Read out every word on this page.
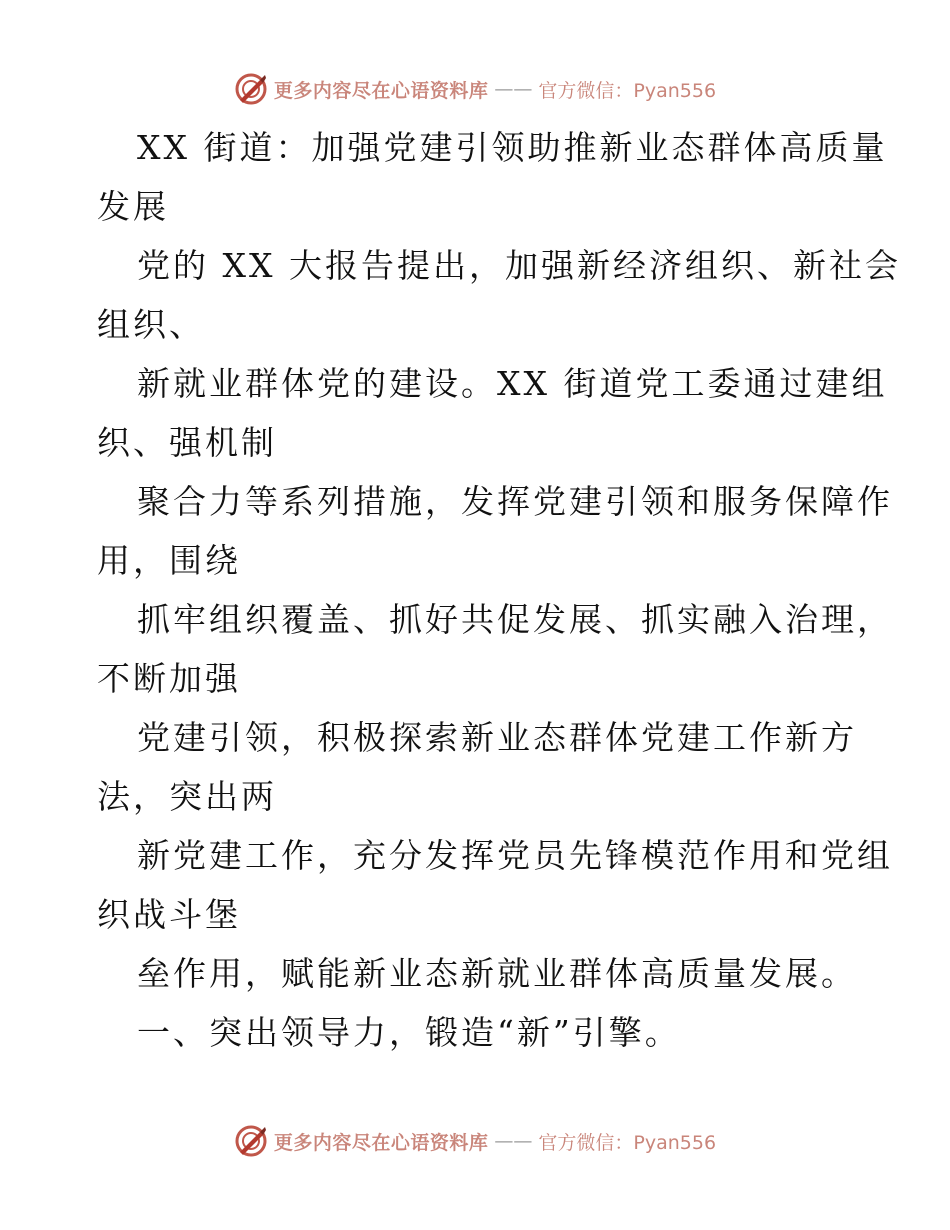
更多内容尽在心语资料库 —— 官方微信：Pyan556
XX 街道：加强党建引领助推新业态群体高质量
发展
党的 XX 大报告提出，加强新经济组织、新社会
组织、
新就业群体党的建设。XX 街道党工委通过建组
织、强机制
聚合力等系列措施，发挥党建引领和服务保障作
用，围绕
抓牢组织覆盖、抓好共促发展、抓实融入治理，
不断加强
党建引领，积极探索新业态群体党建工作新方
法，突出两
新党建工作，充分发挥党员先锋模范作用和党组
织战斗堡
垒作用，赋能新业态新就业群体高质量发展。
一、突出领导力，锻造“新”引擎。
更多内容尽在心语资料库 —— 官方微信：Pyan556
